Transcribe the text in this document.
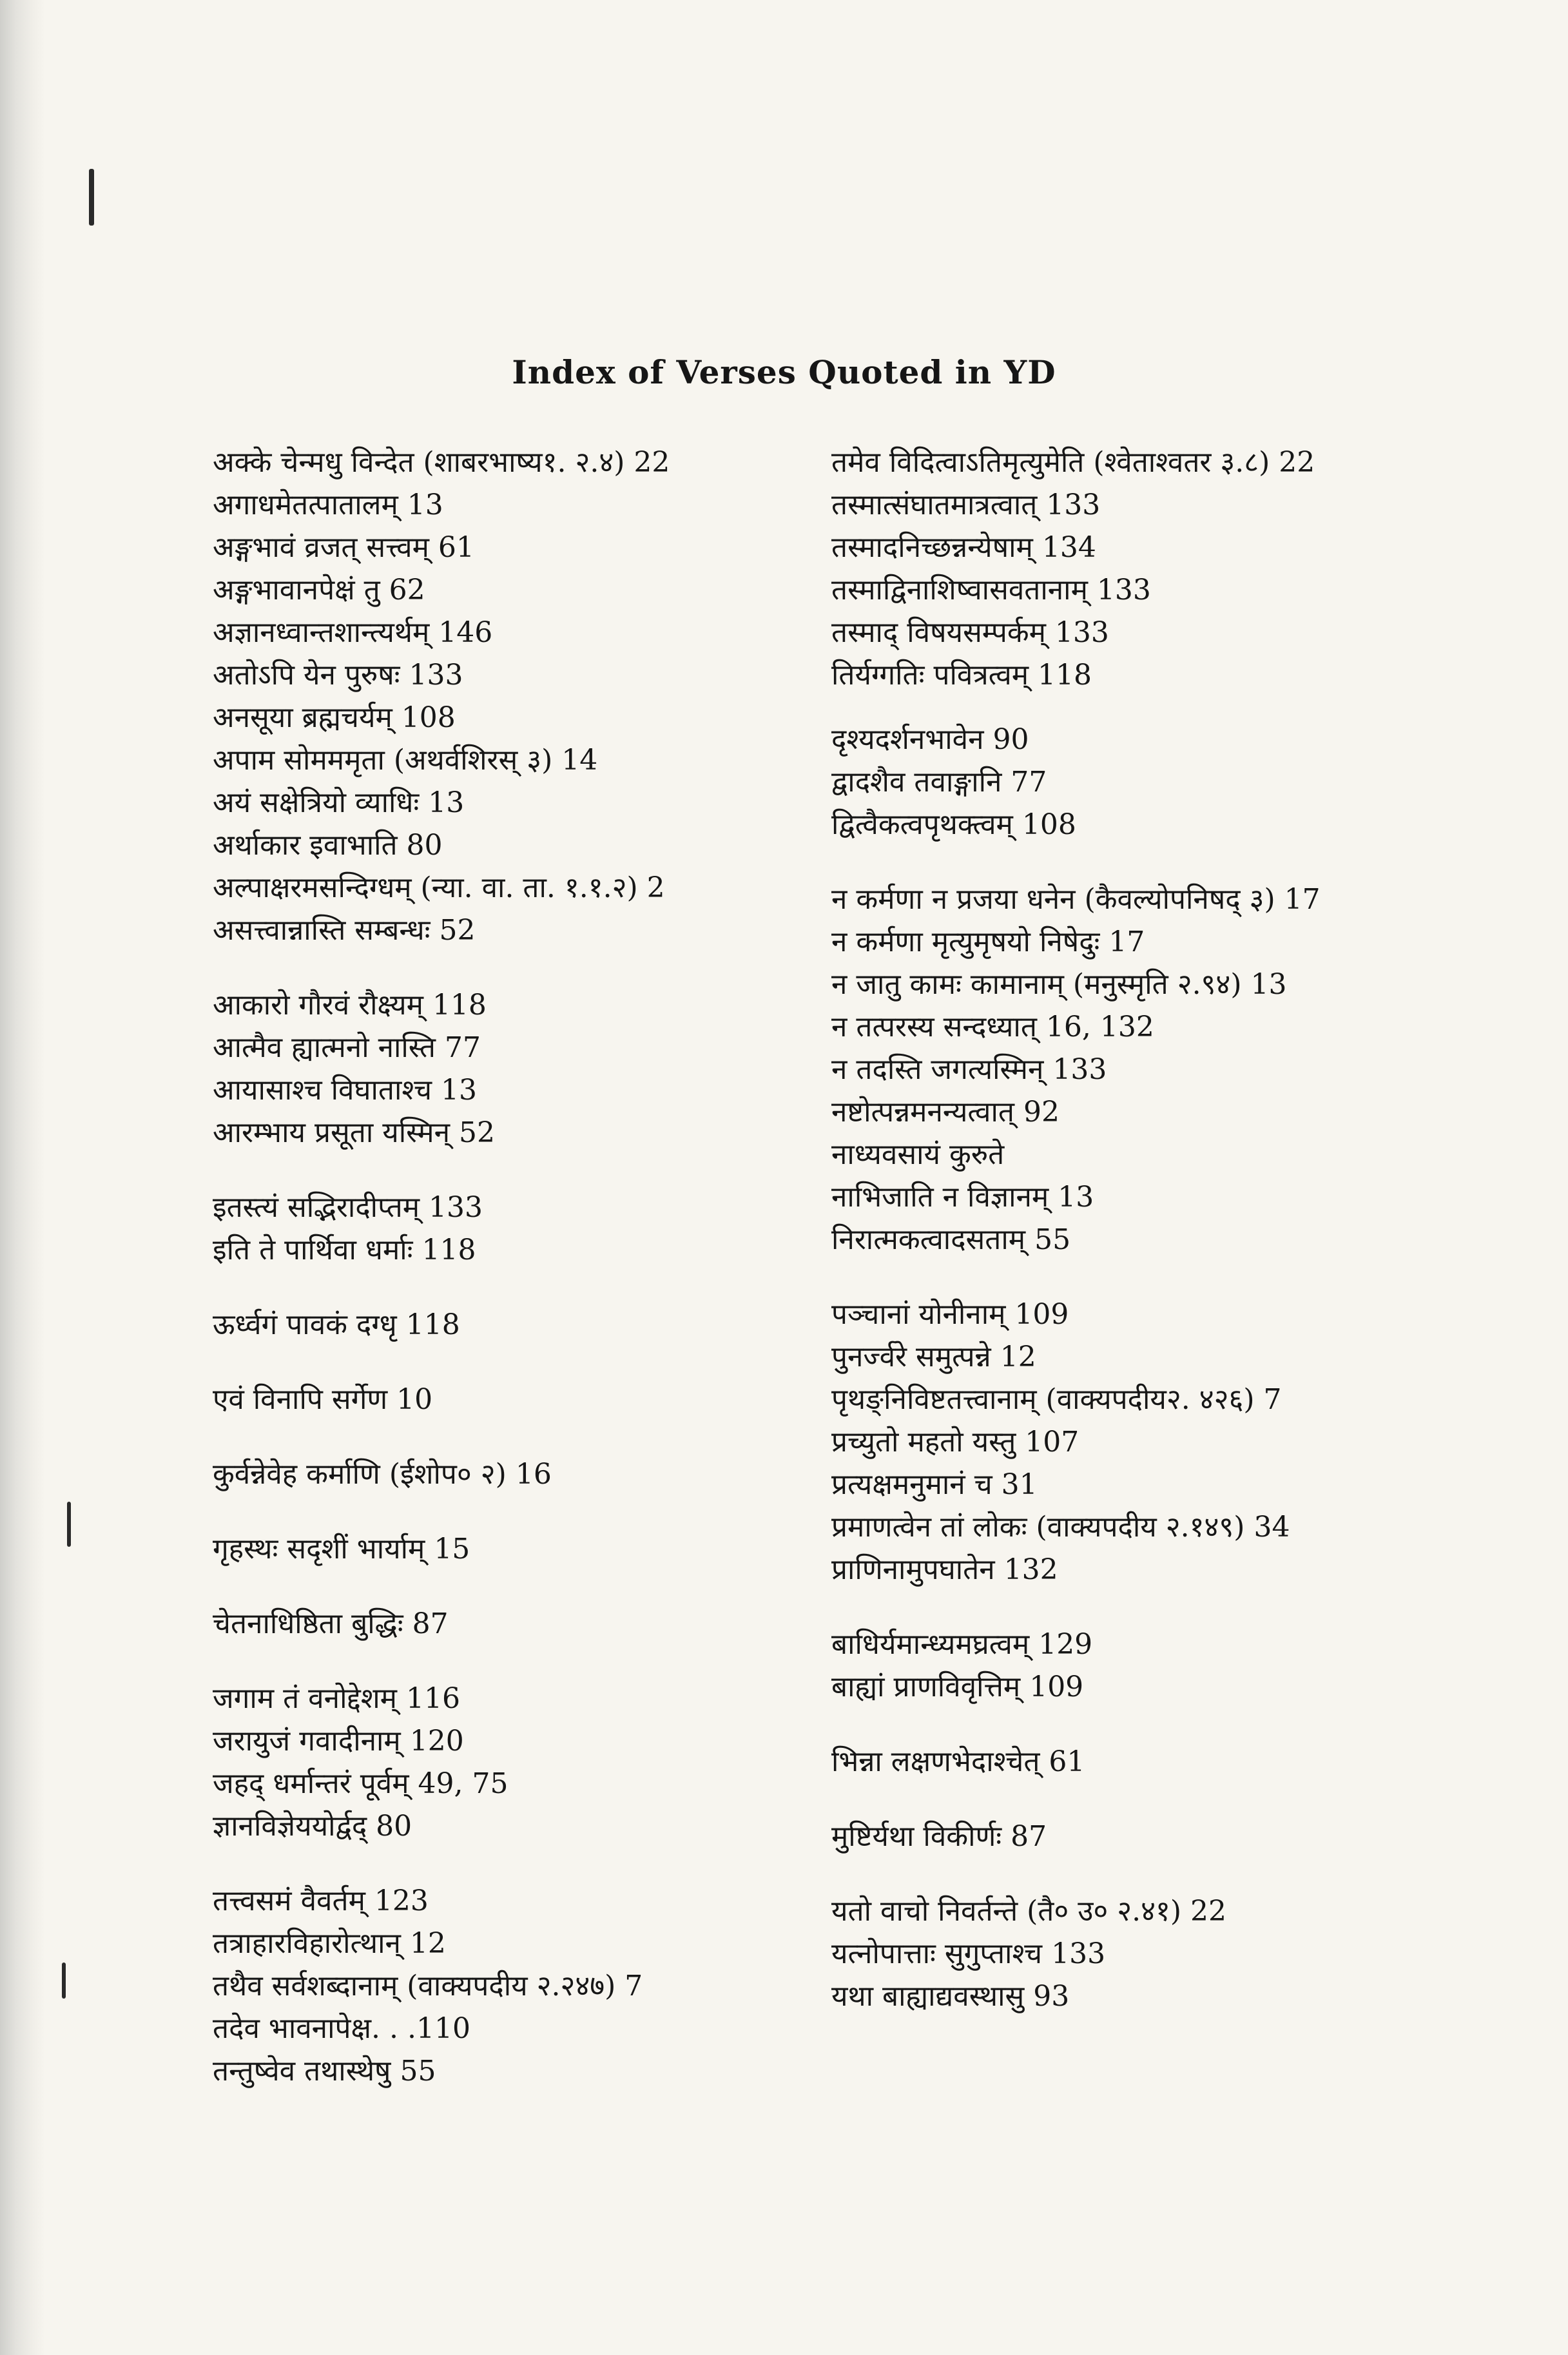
Index of Verses Quoted in YD
अक्के चेन्मधु विन्देत (शाबरभाष्य१. २.४) 22
अगाधमेतत्पातालम् 13
अङ्गभावं व्रजत् सत्त्वम् 61
अङ्गभावानपेक्षं तु 62
अज्ञानध्वान्तशान्त्यर्थम् 146
अतोऽपि येन पुरुषः 133
अनसूया ब्रह्मचर्यम् 108
अपाम सोमममृता (अथर्वशिरस् ३) 14
अयं सक्षेत्रियो व्याधिः 13
अर्थाकार इवाभाति 80
अल्पाक्षरमसन्दिग्धम् (न्या. वा. ता. १.१.२) 2
असत्त्वान्नास्ति सम्बन्धः 52
आकारो गौरवं रौक्ष्यम् 118
आत्मैव ह्यात्मनो नास्ति 77
आयासाश्च विघाताश्च 13
आरम्भाय प्रसूता यस्मिन् 52
इतस्त्यं सद्भिरादीप्तम् 133
इति ते पार्थिवा धर्माः 118
ऊर्ध्वगं पावकं दग्धृ 118
एवं विनापि सर्गेण 10
कुर्वन्नेवेह कर्माणि (ईशोप० २) 16
गृहस्थः सदृशीं भार्याम् 15
चेतनाधिष्ठिता बुद्धिः 87
जगाम तं वनोद्देशम् 116
जरायुजं गवादीनाम् 120
जहद् धर्मान्तरं पूर्वम् 49, 75
ज्ञानविज्ञेययोर्द्वद् 80
तत्त्वसमं वैवर्तम् 123
तत्राहारविहारोत्थान् 12
तथैव सर्वशब्दानाम् (वाक्यपदीय २.२४७) 7
तदेव भावनापेक्ष. . .110
तन्तुष्वेव तथास्थेषु 55
तमेव विदित्वाऽतिमृत्युमेति (श्वेताश्वतर ३.८) 22
तस्मात्संघातमात्रत्वात् 133
तस्मादनिच्छन्नन्येषाम् 134
तस्माद्विनाशिष्वासवतानाम् 133
तस्माद् विषयसम्पर्कम् 133
तिर्यग्गतिः पवित्रत्वम् 118
दृश्यदर्शनभावेन 90
द्वादशैव तवाङ्गानि 77
द्वित्वैकत्वपृथक्त्वम् 108
न कर्मणा न प्रजया धनेन (कैवल्योपनिषद् ३) 17
न कर्मणा मृत्युमृषयो निषेदुः 17
न जातु कामः कामानाम् (मनुस्मृति २.९४) 13
न तत्परस्य सन्दध्यात् 16, 132
न तदस्ति जगत्यस्मिन् 133
नष्टोत्पन्नमनन्यत्वात् 92
नाध्यवसायं कुरुते
नाभिजाति न विज्ञानम् 13
निरात्मकत्वादसताम् 55
पञ्चानां योनीनाम् 109
पुनर्ज्वरे समुत्पन्ने 12
पृथङ्निविष्टतत्त्वानाम् (वाक्यपदीय२. ४२६) 7
प्रच्युतो महतो यस्तु 107
प्रत्यक्षमनुमानं च 31
प्रमाणत्वेन तां लोकः (वाक्यपदीय २.१४९) 34
प्राणिनामुपघातेन 132
बाधिर्यमान्ध्यमघ्रत्वम् 129
बाह्यां प्राणविवृत्तिम् 109
भिन्ना लक्षणभेदाश्चेत् 61
मुष्टिर्यथा विकीर्णः 87
यतो वाचो निवर्तन्ते (तै० उ० २.४१) 22
यत्नोपात्ताः सुगुप्ताश्च 133
यथा बाह्याद्यवस्थासु 93
